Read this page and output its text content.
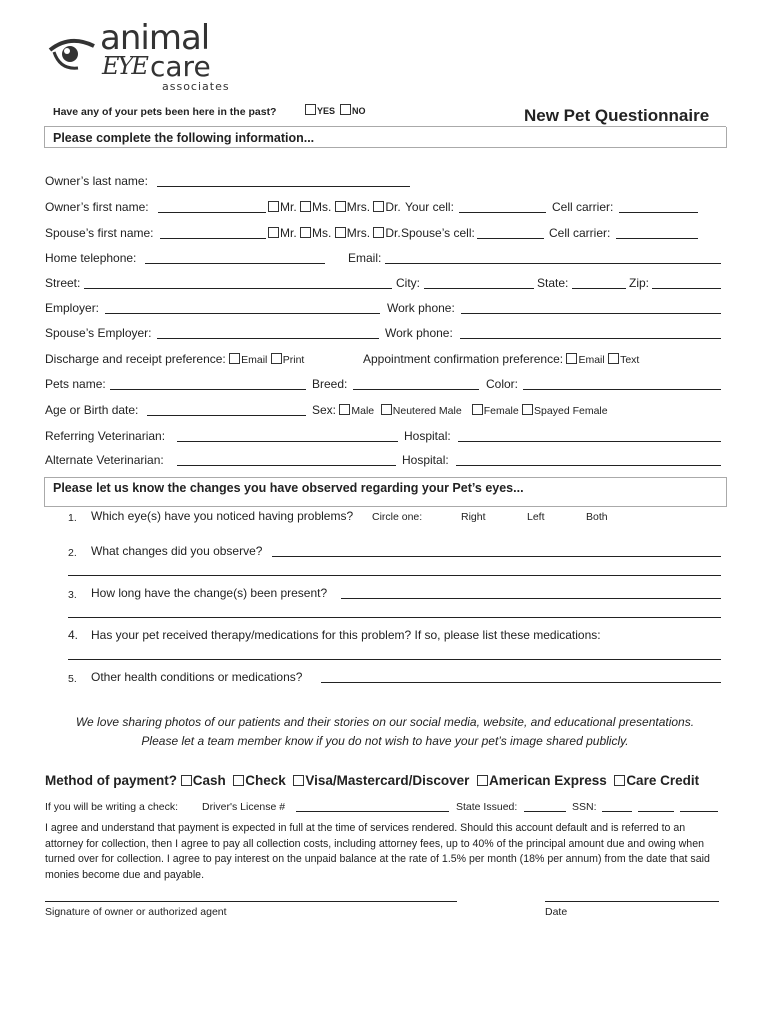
animal
EYE care
associates
Have any of your pets been here in the past?	YES	NO	New Pet Questionnaire
Please complete the following information...
Owner’s last name:
Owner’s first name:	Mr. Ms. Mrs. Dr. Your cell:	Cell carrier:
Spouse’s first name:	Mr. Ms. Mrs. Dr. Spouse’s cell:	Cell carrier:
Home telephone:	Email:
Street:	City:	State:	Zip:
Employer:	Work phone:
Spouse’s Employer:	Work phone:
Discharge and receipt preference: Email Print	Appointment confirmation preference: Email Text
Pets name:	Breed:	Color:
Age or Birth date:	Sex: Male Neutered Male Female Spayed Female
Referring Veterinarian:	Hospital:
Alternate Veterinarian:	Hospital:
Please let us know the changes you have observed regarding your Pet’s eyes...
1. Which eye(s) have you noticed having problems? Circle one:	Right	Left	Both
2. What changes did you observe?
3. How long have the change(s) been present?
4. Has your pet received therapy/medications for this problem? If so, please list these medications:
5. Other health conditions or medications?
We love sharing photos of our patients and their stories on our social media, website, and educational presentations.
Please let a team member know if you do not wish to have your pet’s image shared publicly.
Method of payment? Cash Check Visa/Mastercard/Discover American Express Care Credit
If you will be writing a check: Driver's License #	State Issued:	SSN:
I agree and understand that payment is expected in full at the time of services rendered. Should this account default and is referred to an attorney for collection, then I agree to pay all collection costs, including attorney fees, up to 40% of the principal amount due and owing when turned over for collection. I agree to pay interest on the unpaid balance at the rate of 1.5% per month (18% per annum) from the date that said monies become due and payable.
Signature of owner or authorized agent	Date
